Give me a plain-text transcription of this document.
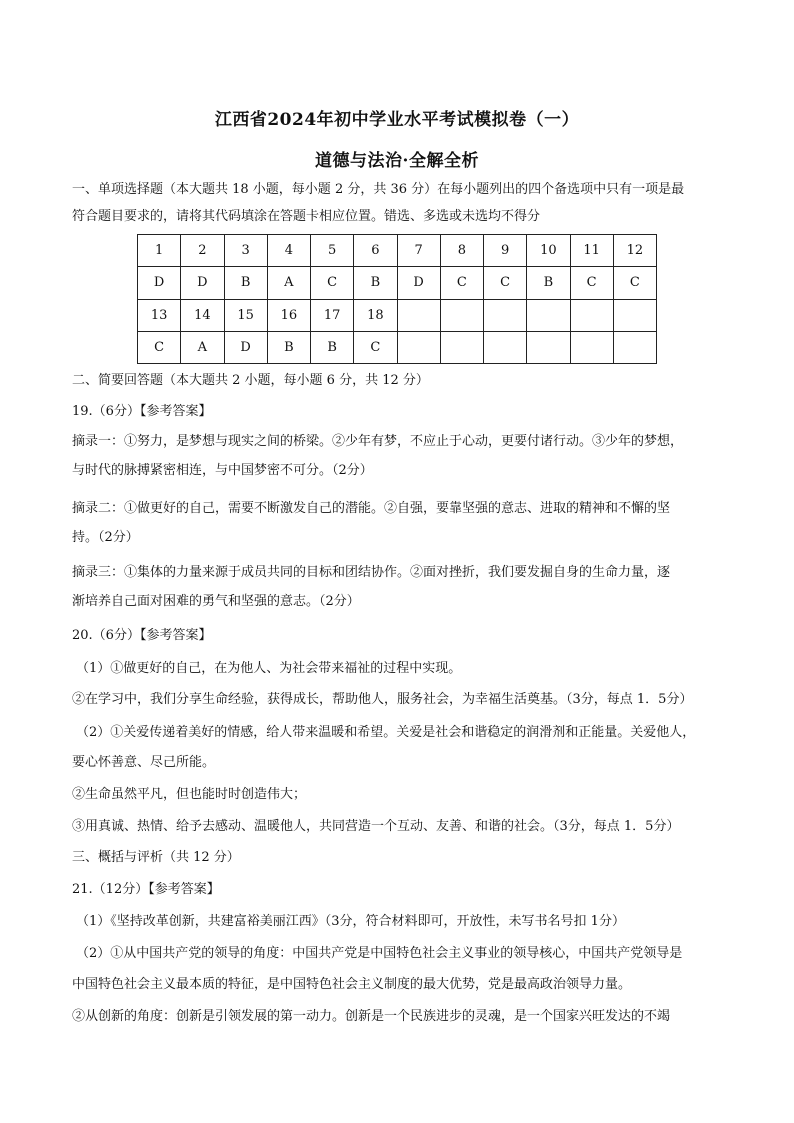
江西省2024年初中学业水平考试模拟卷（一）
道德与法治·全解全析
一、单项选择题（本大题共 18 小题，每小题 2 分，共 36 分）在每小题列出的四个备选项中只有一项是最
符合题目要求的，请将其代码填涂在答题卡相应位置。错选、多选或未选均不得分
1	2	3	4	5	6	7	8	9	10	11	12
D	D	B	A	C	B	D	C	C	B	C	C
13	14	15	16	17	18						
C	A	D	B	B	C						
二、简要回答题（本大题共 2 小题，每小题 6 分，共 12 分）
19.（6分）【参考答案】
摘录一：①努力，是梦想与现实之间的桥梁。②少年有梦，不应止于心动，更要付诸行动。③少年的梦想，
与时代的脉搏紧密相连，与中国梦密不可分。（2分）
摘录二：①做更好的自己，需要不断激发自己的潜能。②自强，要靠坚强的意志、进取的精神和不懈的坚
持。（2分）
摘录三：①集体的力量来源于成员共同的目标和团结协作。②面对挫折，我们要发掘自身的生命力量，逐
渐培养自己面对困难的勇气和坚强的意志。（2分）
20.（6分）【参考答案】
（1）①做更好的自己，在为他人、为社会带来福祉的过程中实现。
②在学习中，我们分享生命经验，获得成长，帮助他人，服务社会，为幸福生活奠基。（3分，每点 1．5分）
（2）①关爱传递着美好的情感，给人带来温暖和希望。关爱是社会和谐稳定的润滑剂和正能量。关爱他人，
要心怀善意、尽己所能。
②生命虽然平凡，但也能时时创造伟大；
③用真诚、热情、给予去感动、温暖他人，共同营造一个互动、友善、和谐的社会。（3分，每点 1．5分）
三、概括与评析（共 12 分）
21.（12分）【参考答案】
（1）《坚持改革创新，共建富裕美丽江西》（3分，符合材料即可，开放性，未写书名号扣 1分）
（2）①从中国共产党的领导的角度：中国共产党是中国特色社会主义事业的领导核心，中国共产党领导是
中国特色社会主义最本质的特征，是中国特色社会主义制度的最大优势，党是最高政治领导力量。
②从创新的角度：创新是引领发展的第一动力。创新是一个民族进步的灵魂，是一个国家兴旺发达的不竭
